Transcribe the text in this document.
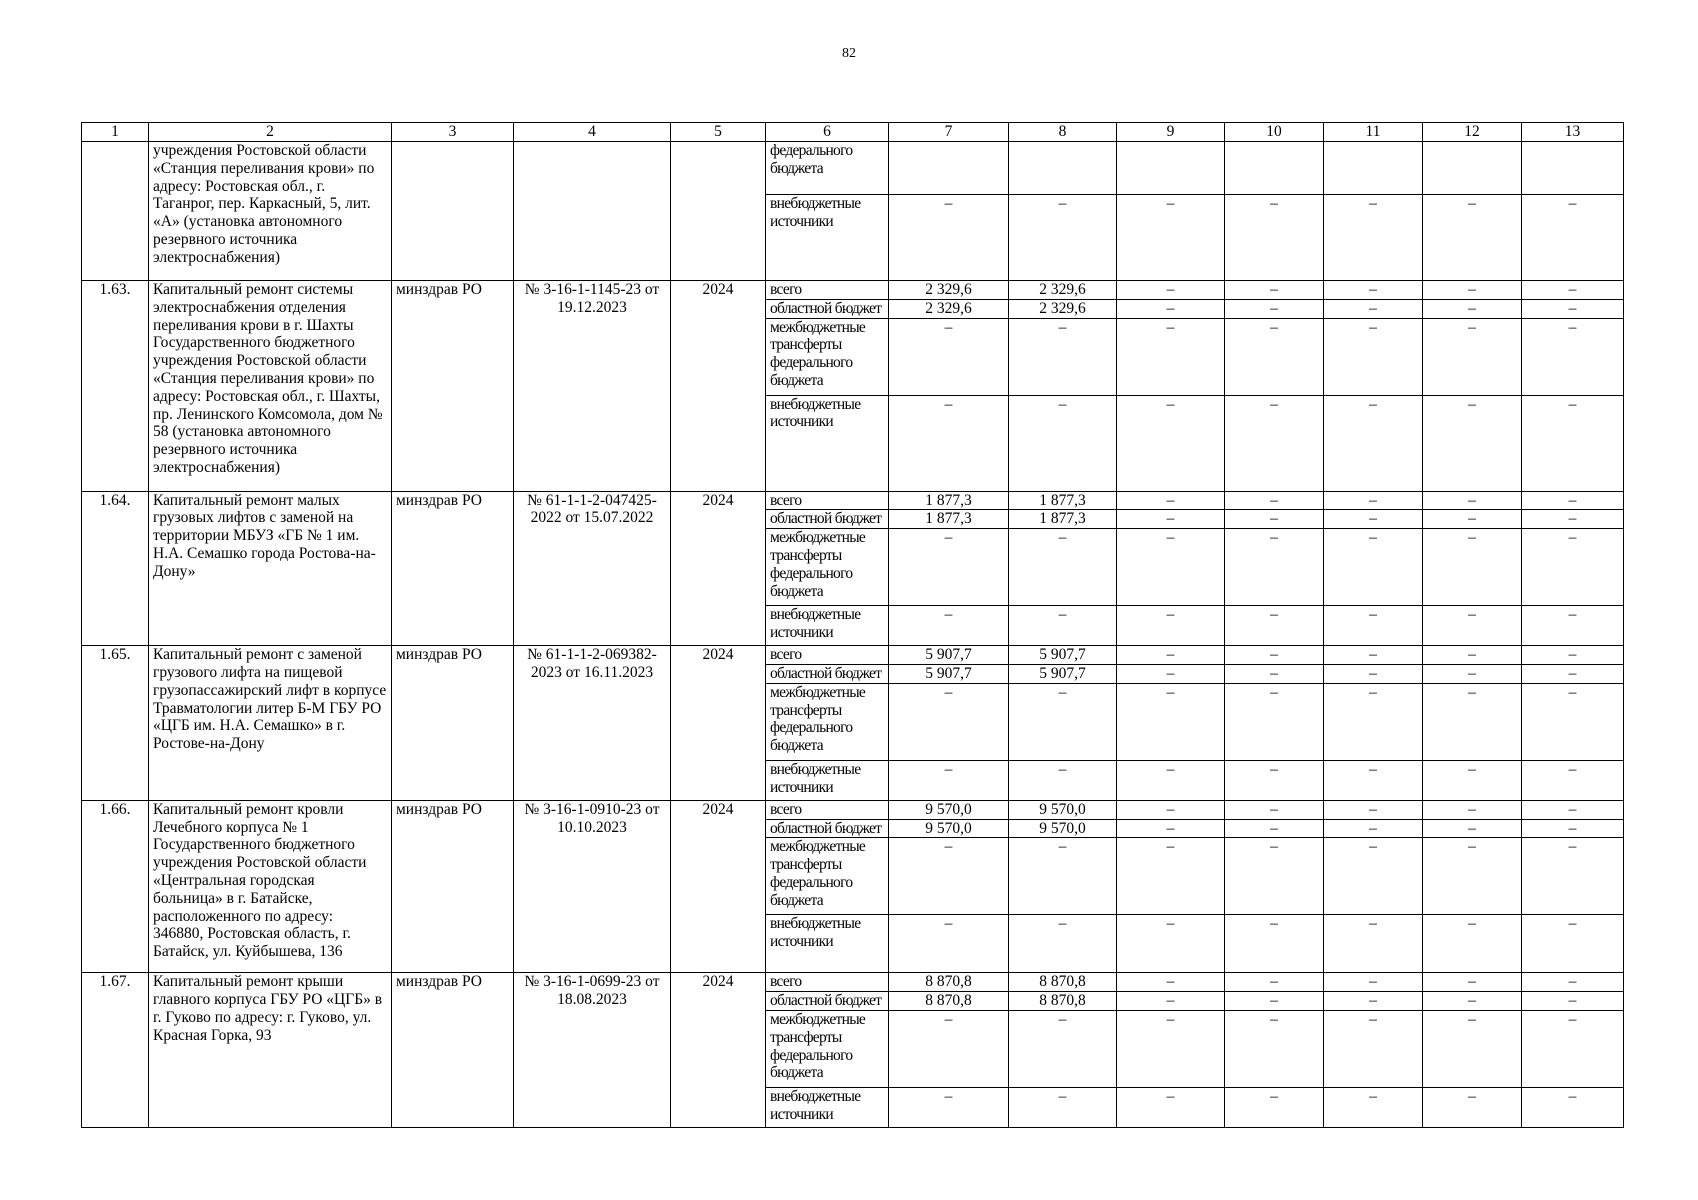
82
1	2	3	4	5	6	7	8	9	10	11	12	13
	учреждения Ростовской области «Станция переливания крови» по адресу: Ростовская обл., г. Таганрог, пер. Каркасный, 5, лит. «А» (установка автономного резервного источника электроснабжения)				федерального бюджета							
					внебюджетные источники	–	–	–	–	–	–	–
1.63.	Капитальный ремонт системы электроснабжения отделения переливания крови в г. Шахты Государственного бюджетного учреждения Ростовской области «Станция переливания крови» по адресу: Ростовская обл., г. Шахты, пр. Ленинского Комсомола, дом № 58 (установка автономного резервного источника электроснабжения)	минздрав РО	№ 3-16-1-1145-23 от 19.12.2023	2024	всего	2 329,6	2 329,6	–	–	–	–	–
					областной бюджет	2 329,6	2 329,6	–	–	–	–	–
					межбюджетные трансферты федерального бюджета	–	–	–	–	–	–	–
					внебюджетные источники	–	–	–	–	–	–	–
1.64.	Капитальный ремонт малых грузовых лифтов с заменой на территории МБУЗ «ГБ № 1 им. Н.А. Семашко города Ростова-на-Дону»	минздрав РО	№ 61-1-1-2-047425-2022 от 15.07.2022	2024	всего	1 877,3	1 877,3	–	–	–	–	–
					областной бюджет	1 877,3	1 877,3	–	–	–	–	–
					межбюджетные трансферты федерального бюджета	–	–	–	–	–	–	–
					внебюджетные источники	–	–	–	–	–	–	–
1.65.	Капитальный ремонт с заменой грузового лифта на пищевой грузопассажирский лифт в корпусе Травматологии литер Б-М ГБУ РО «ЦГБ им. Н.А. Семашко» в г. Ростове-на-Дону	минздрав РО	№ 61-1-1-2-069382-2023 от 16.11.2023	2024	всего	5 907,7	5 907,7	–	–	–	–	–
					областной бюджет	5 907,7	5 907,7	–	–	–	–	–
					межбюджетные трансферты федерального бюджета	–	–	–	–	–	–	–
					внебюджетные источники	–	–	–	–	–	–	–
1.66.	Капитальный ремонт кровли Лечебного корпуса № 1 Государственного бюджетного учреждения Ростовской области «Центральная городская больница» в г. Батайске, расположенного по адресу: 346880, Ростовская область, г. Батайск, ул. Куйбышева, 136	минздрав РО	№ 3-16-1-0910-23 от 10.10.2023	2024	всего	9 570,0	9 570,0	–	–	–	–	–
					областной бюджет	9 570,0	9 570,0	–	–	–	–	–
					межбюджетные трансферты федерального бюджета	–	–	–	–	–	–	–
					внебюджетные источники	–	–	–	–	–	–	–
1.67.	Капитальный ремонт крыши главного корпуса ГБУ РО «ЦГБ» в г. Гуково по адресу: г. Гуково, ул. Красная Горка, 93	минздрав РО	№ 3-16-1-0699-23 от 18.08.2023	2024	всего	8 870,8	8 870,8	–	–	–	–	–
					областной бюджет	8 870,8	8 870,8	–	–	–	–	–
					межбюджетные трансферты федерального бюджета	–	–	–	–	–	–	–
					внебюджетные источники	–	–	–	–	–	–	–
